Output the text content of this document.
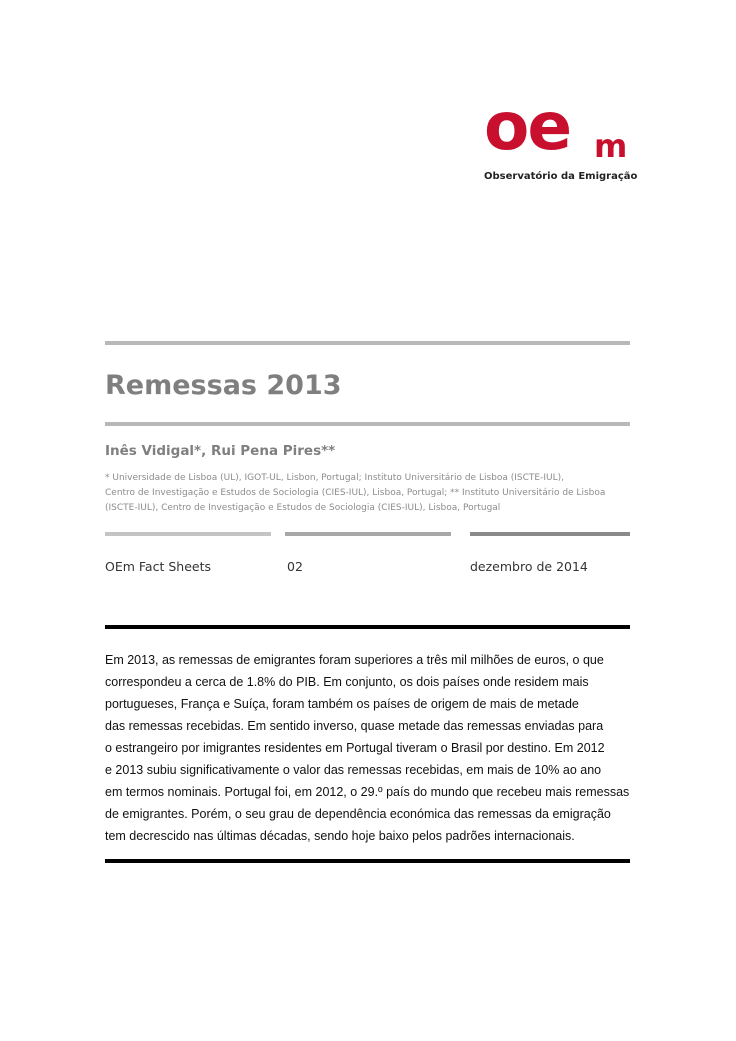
oe m
Observatório da Emigração
Remessas 2013
Inês Vidigal*, Rui Pena Pires**
* Universidade de Lisboa (UL), IGOT-UL, Lisbon, Portugal; Instituto Universitário de Lisboa (ISCTE-IUL),
Centro de Investigação e Estudos de Sociologia (CIES-IUL), Lisboa, Portugal; ** Instituto Universitário de Lisboa
(ISCTE-IUL), Centro de Investigação e Estudos de Sociologia (CIES-IUL), Lisboa, Portugal
OEm Fact Sheets	02	dezembro de 2014
Em 2013, as remessas de emigrantes foram superiores a três mil milhões de euros, o que
correspondeu a cerca de 1.8% do PIB. Em conjunto, os dois países onde residem mais
portugueses, França e Suíça, foram também os países de origem de mais de metade
das remessas recebidas. Em sentido inverso, quase metade das remessas enviadas para
o estrangeiro por imigrantes residentes em Portugal tiveram o Brasil por destino. Em 2012
e 2013 subiu significativamente o valor das remessas recebidas, em mais de 10% ao ano
em termos nominais. Portugal foi, em 2012, o 29.º país do mundo que recebeu mais remessas
de emigrantes. Porém, o seu grau de dependência económica das remessas da emigração
tem decrescido nas últimas décadas, sendo hoje baixo pelos padrões internacionais.
